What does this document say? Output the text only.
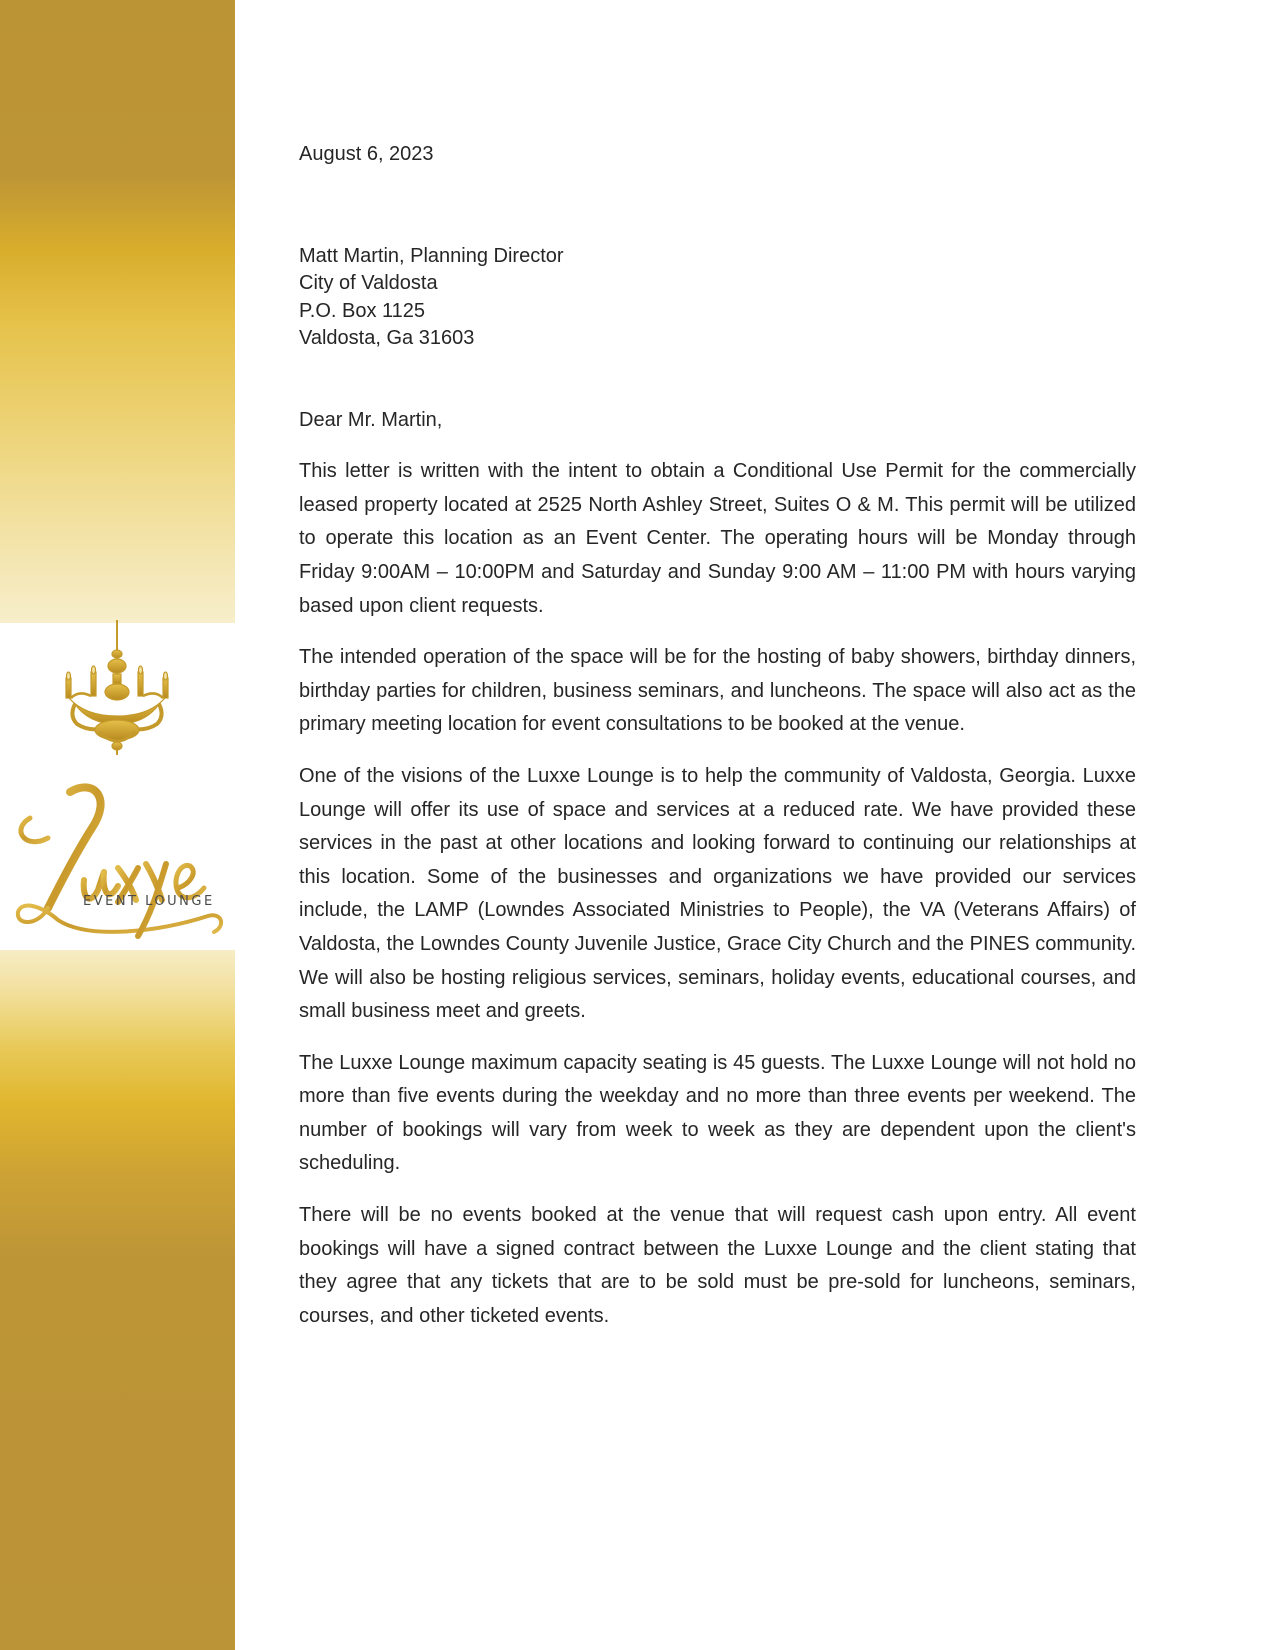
EVENT LOUNGE

August 6, 2023

Matt Martin, Planning Director
City of Valdosta
P.O. Box 1125
Valdosta, Ga 31603

Dear Mr. Martin,

This letter is written with the intent to obtain a Conditional Use Permit for the commercially leased property located at 2525 North Ashley Street, Suites O & M. This permit will be utilized to operate this location as an Event Center. The operating hours will be Monday through Friday 9:00AM – 10:00PM and Saturday and Sunday 9:00 AM – 11:00 PM with hours varying based upon client requests.

The intended operation of the space will be for the hosting of baby showers, birthday dinners, birthday parties for children, business seminars, and luncheons. The space will also act as the primary meeting location for event consultations to be booked at the venue.

One of the visions of the Luxxe Lounge is to help the community of Valdosta, Georgia. Luxxe Lounge will offer its use of space and services at a reduced rate. We have provided these services in the past at other locations and looking forward to continuing our relationships at this location. Some of the businesses and organizations we have provided our services include, the LAMP (Lowndes Associated Ministries to People), the VA (Veterans Affairs) of Valdosta, the Lowndes County Juvenile Justice, Grace City Church and the PINES community. We will also be hosting religious services, seminars, holiday events, educational courses, and small business meet and greets.

The Luxxe Lounge maximum capacity seating is 45 guests. The Luxxe Lounge will not hold no more than five events during the weekday and no more than three events per weekend. The number of bookings will vary from week to week as they are dependent upon the client's scheduling.

There will be no events booked at the venue that will request cash upon entry. All event bookings will have a signed contract between the Luxxe Lounge and the client stating that they agree that any tickets that are to be sold must be pre-sold for luncheons, seminars, courses, and other ticketed events.
